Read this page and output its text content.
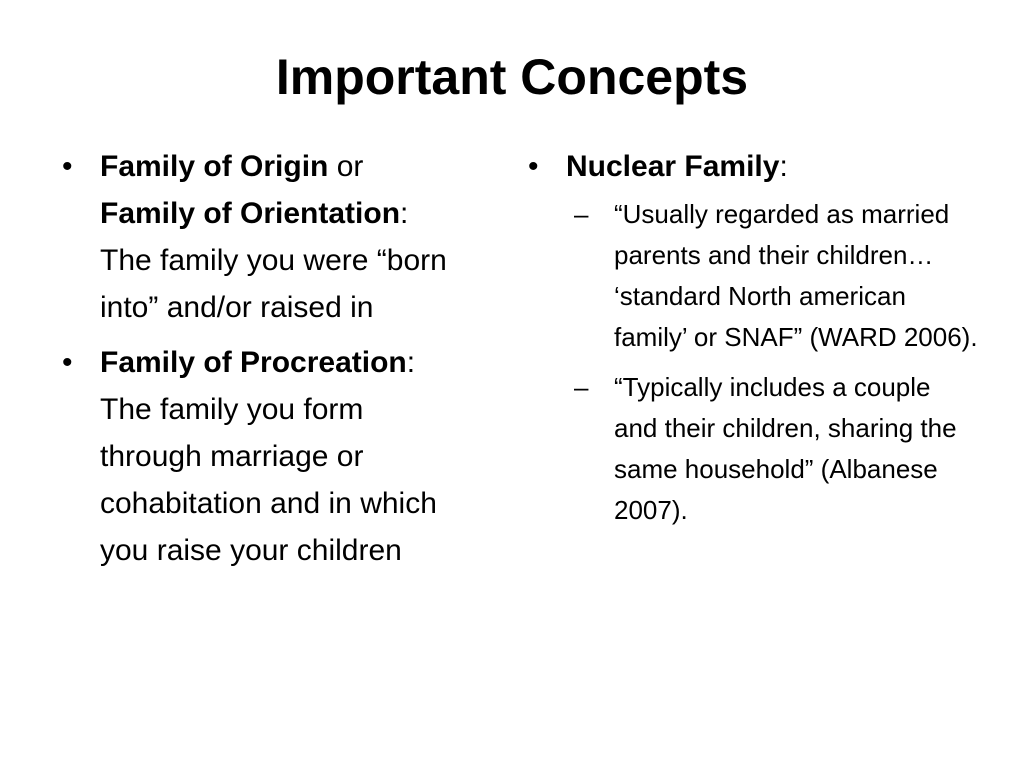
Important Concepts
• Family of Origin or Family of Orientation: The family you were “born into” and/or raised in
• Family of Procreation: The family you form through marriage or cohabitation and in which you raise your children
• Nuclear Family:
– “Usually regarded as married parents and their children… ‘standard North american family’ or SNAF” (WARD 2006).
– “Typically includes a couple and their children, sharing the same household” (Albanese 2007).
